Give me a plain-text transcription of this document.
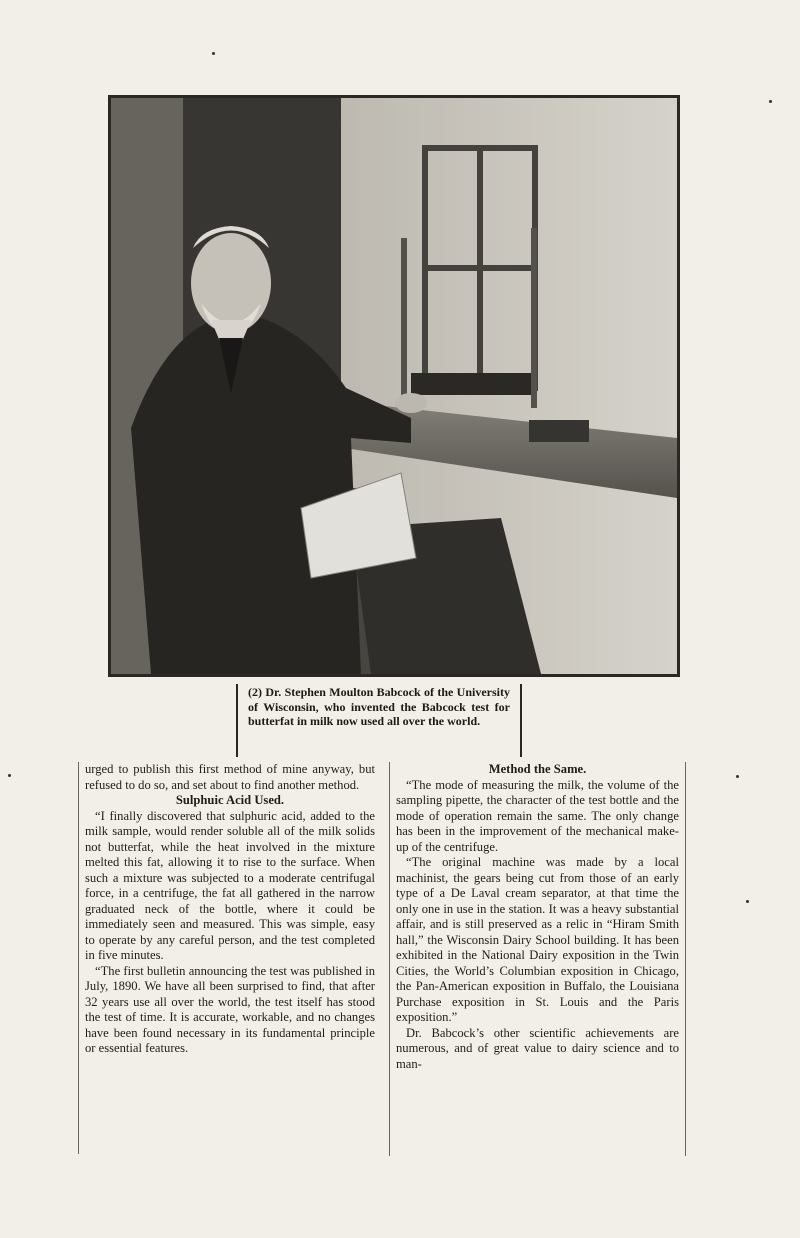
(2) Dr. Stephen Moulton Babcock of the University of Wisconsin, who invented the Babcock test for butterfat in milk now used all over the world.

urged to publish this first method of mine anyway, but refused to do so, and set about to find another method.

Sulphuic Acid Used.

“I finally discovered that sulphuric acid, added to the milk sample, would render soluble all of the milk solids not butterfat, while the heat involved in the mixture melted this fat, allowing it to rise to the surface. When such a mixture was subjected to a moderate centrifugal force, in a centrifuge, the fat all gathered in the narrow graduated neck of the bottle, where it could be immediately seen and measured. This was simple, easy to operate by any careful person, and the test completed in five minutes.

“The first bulletin announcing the test was published in July, 1890. We have all been surprised to find, that after 32 years use all over the world, the test itself has stood the test of time. It is accurate, workable, and no changes have been found necessary in its fundamental principle or essential features.

Method the Same.

“The mode of measuring the milk, the volume of the sampling pipette, the character of the test bottle and the mode of operation remain the same. The only change has been in the improvement of the mechanical make-up of the centrifuge.

“The original machine was made by a local machinist, the gears being cut from those of an early type of a De Laval cream separator, at that time the only one in use in the station. It was a heavy substantial affair, and is still preserved as a relic in “Hiram Smith hall,” the Wisconsin Dairy School building. It has been exhibited in the National Dairy exposition in the Twin Cities, the World’s Columbian exposition in Chicago, the Pan-American exposition in Buffalo, the Louisiana Purchase exposition in St. Louis and the Paris exposition.”

Dr. Babcock’s other scientific achievements are numerous, and of great value to dairy science and to man-
